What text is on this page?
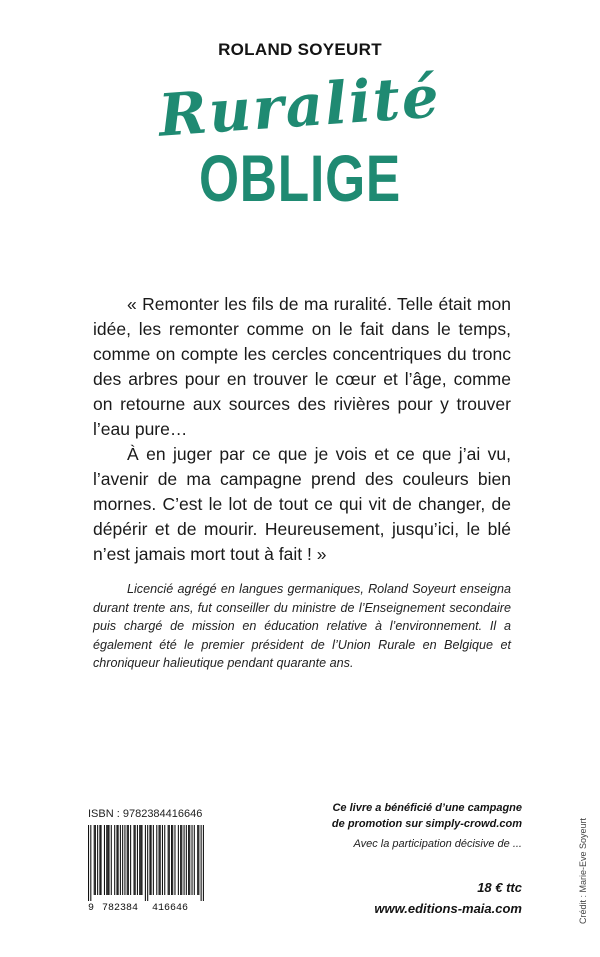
ROLAND SOYEURT
Ruralité
OBLIGE

« Remonter les fils de ma ruralité. Telle était mon idée, les remonter comme on le fait dans le temps, comme on compte les cercles concentriques du tronc des arbres pour en trouver le cœur et l’âge, comme on retourne aux sources des rivières pour y trouver l’eau pure…

À en juger par ce que je vois et ce que j’ai vu, l’avenir de ma campagne prend des couleurs bien mornes. C’est le lot de tout ce qui vit de changer, de dépérir et de mourir. Heureusement, jusqu’ici, le blé n’est jamais mort tout à fait ! »

Licencié agrégé en langues germaniques, Roland Soyeurt enseigna durant trente ans, fut conseiller du ministre de l’Enseignement secondaire puis chargé de mission en éducation relative à l’environnement. Il a également été le premier président de l’Union Rurale en Belgique et chroniqueur halieutique pendant quarante ans.

ISBN : 9782384416646
9 782384 416646
Ce livre a bénéficié d’une campagne
de promotion sur simply-crowd.com
Avec la participation décisive de ...
18 € ttc
www.editions-maia.com	Crédit : Marie-Eve Soyeurt
